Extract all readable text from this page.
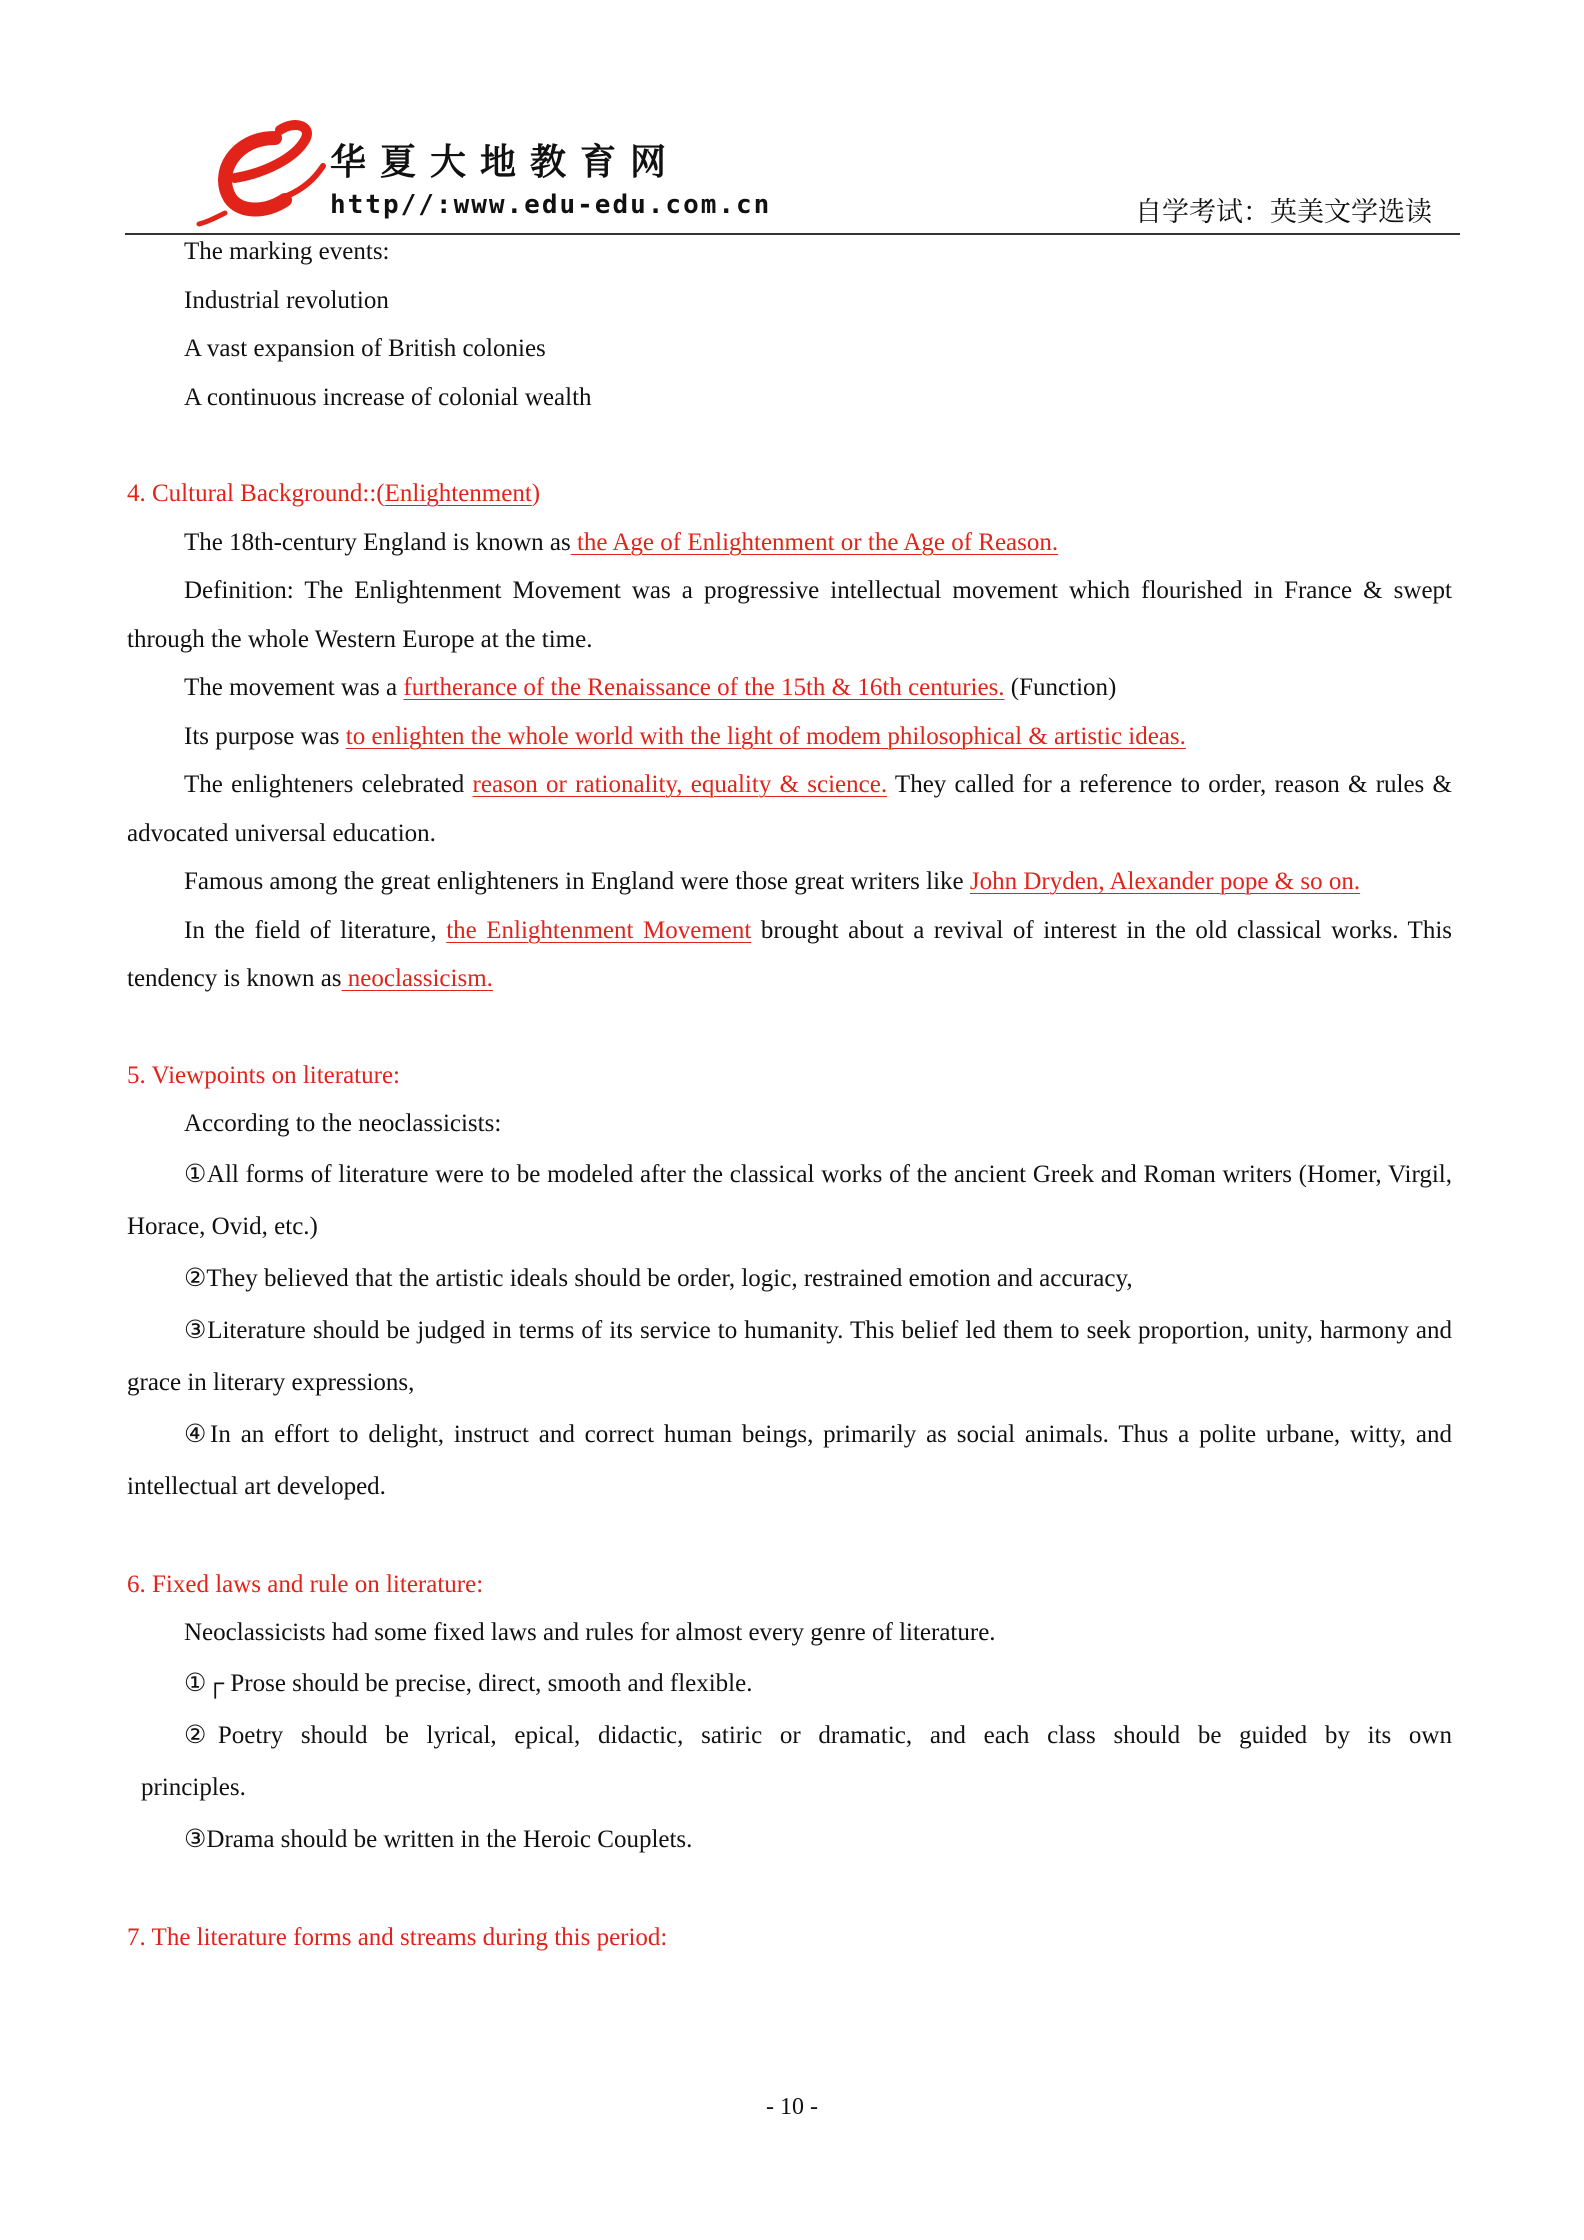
华夏大地教育网
http//:www.edu-edu.com.cn	自学考试：英美文学选读
The marking events:
Industrial revolution
A vast expansion of British colonies
A continuous increase of colonial wealth
4. Cultural Background::(Enlightenment)
The 18th-century England is known as the Age of Enlightenment or the Age of Reason.
Definition: The Enlightenment Movement was a progressive intellectual movement which flourished in France & swept through the whole Western Europe at the time.
The movement was a furtherance of the Renaissance of the 15th & 16th centuries. (Function)
Its purpose was to enlighten the whole world with the light of modem philosophical & artistic ideas.
The enlighteners celebrated reason or rationality, equality & science. They called for a reference to order, reason & rules & advocated universal education.
Famous among the great enlighteners in England were those great writers like John Dryden, Alexander pope & so on.
In the field of literature, the Enlightenment Movement brought about a revival of interest in the old classical works. This tendency is known as neoclassicism.
5. Viewpoints on literature:
According to the neoclassicists:
①All forms of literature were to be modeled after the classical works of the ancient Greek and Roman writers (Homer, Virgil, Horace, Ovid, etc.)
②They believed that the artistic ideals should be order, logic, restrained emotion and accuracy,
③Literature should be judged in terms of its service to humanity. This belief led them to seek proportion, unity, harmony and grace in literary expressions,
④In an effort to delight, instruct and correct human beings, primarily as social animals. Thus a polite urbane, witty, and intellectual art developed.
6. Fixed laws and rule on literature:
Neoclassicists had some fixed laws and rules for almost every genre of literature.
①┌ Prose should be precise, direct, smooth and flexible.
②Poetry should be lyrical, epical, didactic, satiric or dramatic, and each class should be guided by its own
principles.
③Drama should be written in the Heroic Couplets.
7. The literature forms and streams during this period:
- 10 -
